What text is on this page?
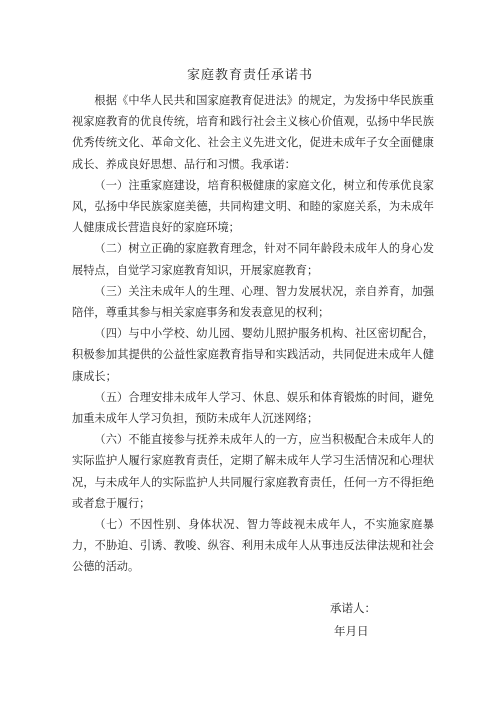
家庭教育责任承诺书

根据《中华人民共和国家庭教育促进法》的规定，为发扬中华民族重视家庭教育的优良传统，培育和践行社会主义核心价值观，弘扬中华民族优秀传统文化、革命文化、社会主义先进文化，促进未成年子女全面健康成长、养成良好思想、品行和习惯。我承诺：

（一）注重家庭建设，培育积极健康的家庭文化，树立和传承优良家风，弘扬中华民族家庭美德，共同构建文明、和睦的家庭关系，为未成年人健康成长营造良好的家庭环境；

（二）树立正确的家庭教育理念，针对不同年龄段未成年人的身心发展特点，自觉学习家庭教育知识，开展家庭教育；

（三）关注未成年人的生理、心理、智力发展状况，亲自养育，加强陪伴，尊重其参与相关家庭事务和发表意见的权利；

（四）与中小学校、幼儿园、婴幼儿照护服务机构、社区密切配合，积极参加其提供的公益性家庭教育指导和实践活动，共同促进未成年人健康成长；

（五）合理安排未成年人学习、休息、娱乐和体育锻炼的时间，避免加重未成年人学习负担，预防未成年人沉迷网络；

（六）不能直接参与抚养未成年人的一方，应当积极配合未成年人的实际监护人履行家庭教育责任，定期了解未成年人学习生活情况和心理状况，与未成年人的实际监护人共同履行家庭教育责任，任何一方不得拒绝或者怠于履行；

（七）不因性别、身体状况、智力等歧视未成年人，不实施家庭暴力，不胁迫、引诱、教唆、纵容、利用未成年人从事违反法律法规和社会公德的活动。

承诺人：
年月日
